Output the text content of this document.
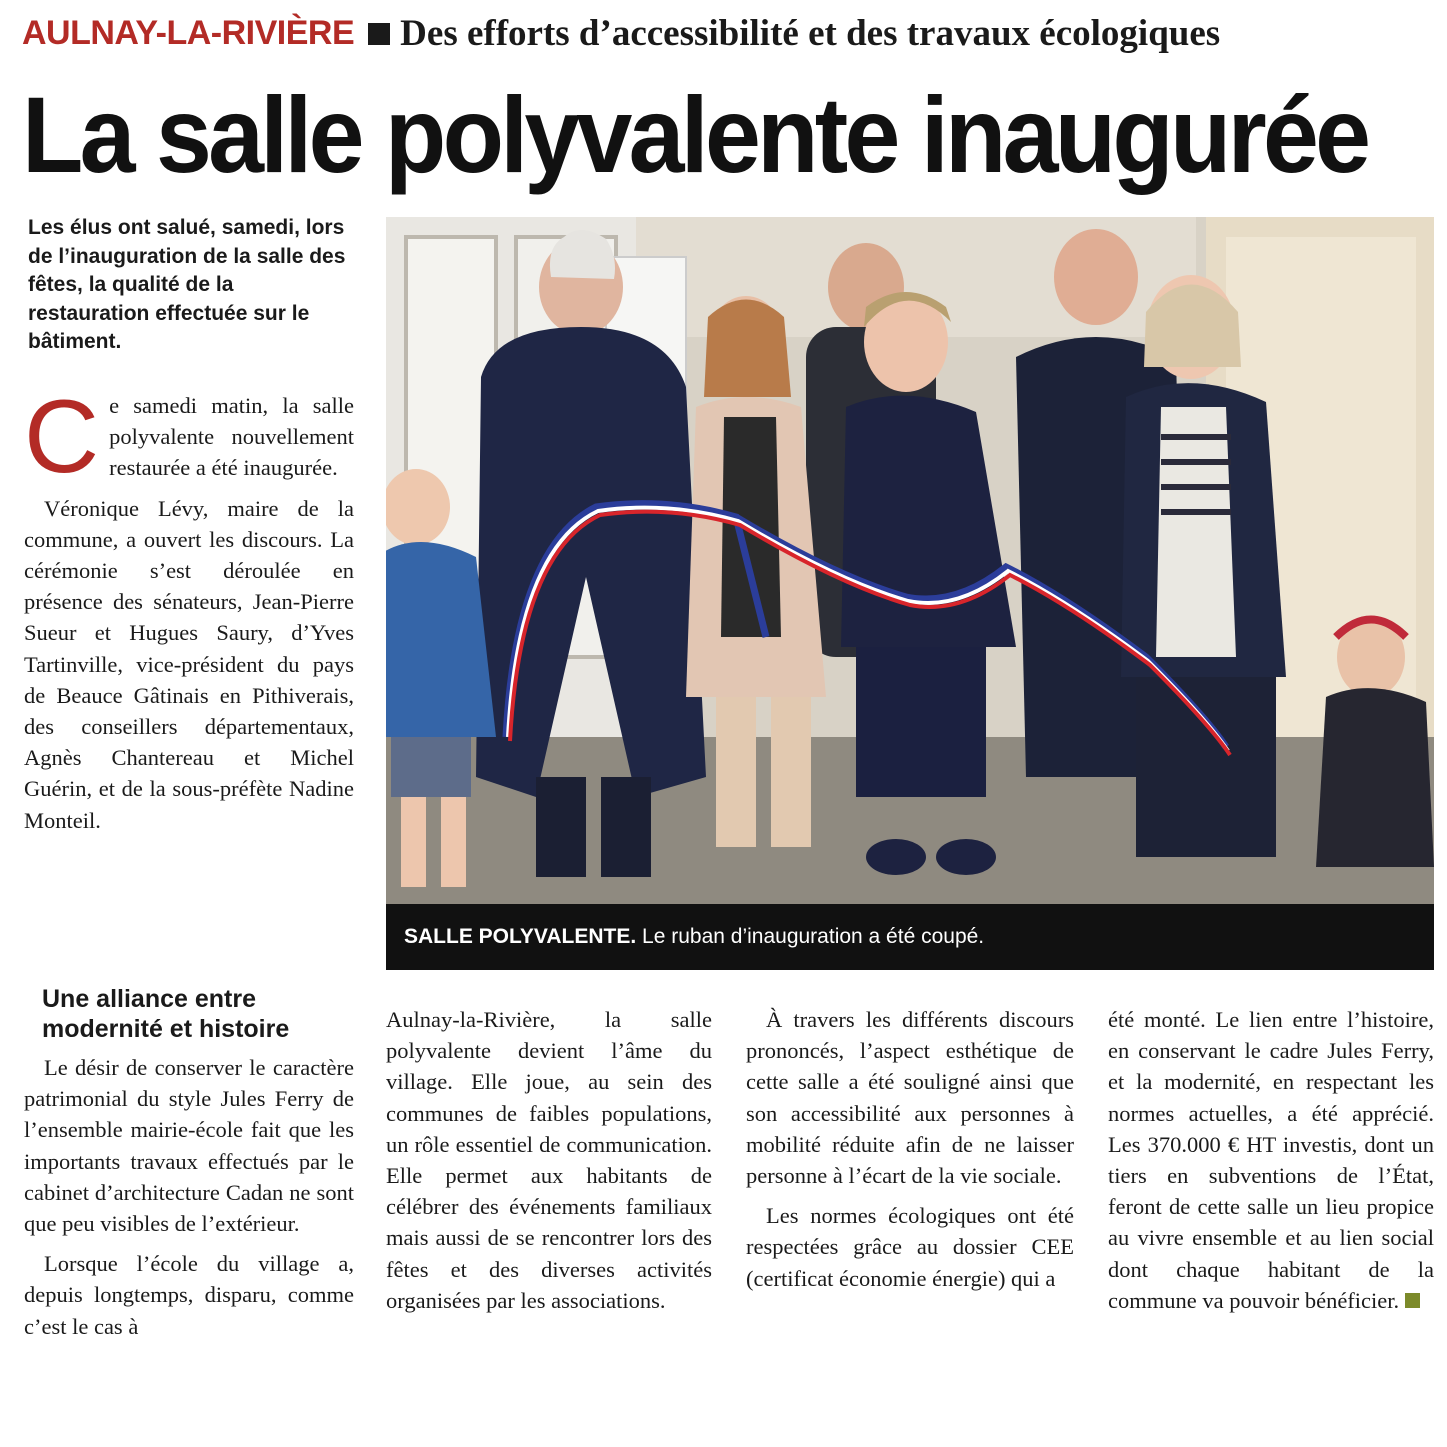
AULNAY-LA-RIVIÈRE Des efforts d’accessibilité et des travaux écologiques
La salle polyvalente inaugurée
Les élus ont salué, samedi, lors de l’inauguration de la salle des fêtes, la qualité de la restauration effectuée sur le bâtiment.

Ce samedi matin, la salle polyvalente nouvellement restaurée a été inaugurée.

Véronique Lévy, maire de la commune, a ouvert les discours. La cérémonie s’est déroulée en présence des sénateurs, Jean-Pierre Sueur et Hugues Saury, d’Yves Tartinville, vice-président du pays de Beauce Gâtinais en Pithiverais, des conseillers départementaux, Agnès Chantereau et Michel Guérin, et de la sous-préfète Nadine Monteil.

Une alliance entre modernité et histoire

Le désir de conserver le caractère patrimonial du style Jules Ferry de l’ensemble mairie-école fait que les importants travaux effectués par le cabinet d’architecture Cadan ne sont que peu visibles de l’extérieur.

Lorsque l’école du village a, depuis longtemps, disparu, comme c’est le cas à

Aulnay-la-Rivière, la salle polyvalente devient l’âme du village. Elle joue, au sein des communes de faibles populations, un rôle essentiel de communication. Elle permet aux habitants de célébrer des événements familiaux mais aussi de se rencontrer lors des fêtes et des diverses activités organisées par les associations.

À travers les différents discours prononcés, l’aspect esthétique de cette salle a été souligné ainsi que son accessibilité aux personnes à mobilité réduite afin de ne laisser personne à l’écart de la vie sociale.

Les normes écologiques ont été respectées grâce au dossier CEE (certificat économie énergie) qui a

été monté. Le lien entre l’histoire, en conservant le cadre Jules Ferry, et la modernité, en respectant les normes actuelles, a été apprécié. Les 370.000 € HT investis, dont un tiers en subventions de l’État, feront de cette salle un lieu propice au vivre ensemble et au lien social dont chaque habitant de la commune va pouvoir bénéficier.

SALLE POLYVALENTE. Le ruban d’inauguration a été coupé.
